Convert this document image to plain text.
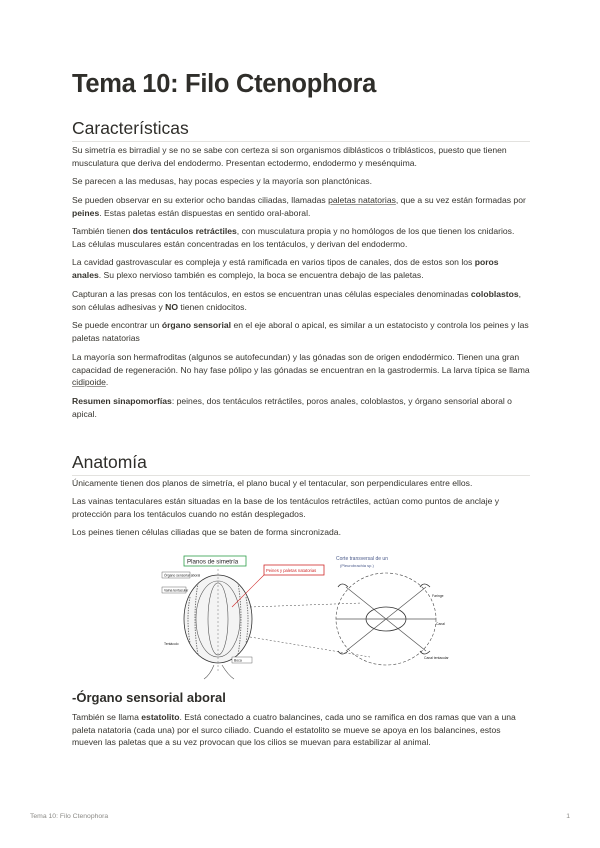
Tema 10: Filo Ctenophora
Características

Su simetría es birradial y se no se sabe con certeza si son organismos diblásticos o triblásticos, puesto que tienen musculatura que deriva del endodermo. Presentan ectodermo, endodermo y mesénquima.

Se parecen a las medusas, hay pocas especies y la mayoría son planctónicas.

Se pueden observar en su exterior ocho bandas ciliadas, llamadas paletas natatorias, que a su vez están formadas por peines. Estas paletas están dispuestas en sentido oral-aboral.

También tienen dos tentáculos retráctiles, con musculatura propia y no homólogos de los que tienen los cnidarios. Las células musculares están concentradas en los tentáculos, y derivan del endodermo.

La cavidad gastrovascular es compleja y está ramificada en varios tipos de canales, dos de estos son los poros anales. Su plexo nervioso también es complejo, la boca se encuentra debajo de las paletas.

Capturan a las presas con los tentáculos, en estos se encuentran unas células especiales denominadas coloblastos, son células adhesivas y NO tienen cnidocitos.

Se puede encontrar un órgano sensorial en el eje aboral o apical, es similar a un estatocisto y controla los peines y las paletas natatorias

La mayoría son hermafroditas (algunos se autofecundan) y las gónadas son de origen endodérmico. Tienen una gran capacidad de regeneración. No hay fase pólipo y las gónadas se encuentran en la gastrodermis. La larva típica se llama cidipoide.

Resumen sinapomorfías: peines, dos tentáculos retráctiles, poros anales, coloblastos, y órgano sensorial aboral o apical.

Anatomía

Únicamente tienen dos planos de simetría, el plano bucal y el tentacular, son perpendiculares entre ellos.

Las vainas tentaculares están situadas en la base de los tentáculos retráctiles, actúan como puntos de anclaje y protección para los tentáculos cuando no están desplegados.

Los peines tienen células ciliadas que se baten de forma sincronizada.

Planos de simetría
Órgano sensorial aboral
Vaina tentacular
Tentáculo
Boca
Peines y paletas natatorias
Corte transversal de un
(Pleurobrachia sp.)
Faringe
Canal
Canal tentacular
-Órgano sensorial aboral

También se llama estatolito. Está conectado a cuatro balancines, cada uno se ramifica en dos ramas que van a una paleta natatoria (cada una) por el surco ciliado. Cuando el estatolito se mueve se apoya en los balancines, estos mueven las paletas que a su vez provocan que los cilios se muevan para estabilizar al animal.

Tema 10: Filo Ctenophora	1
